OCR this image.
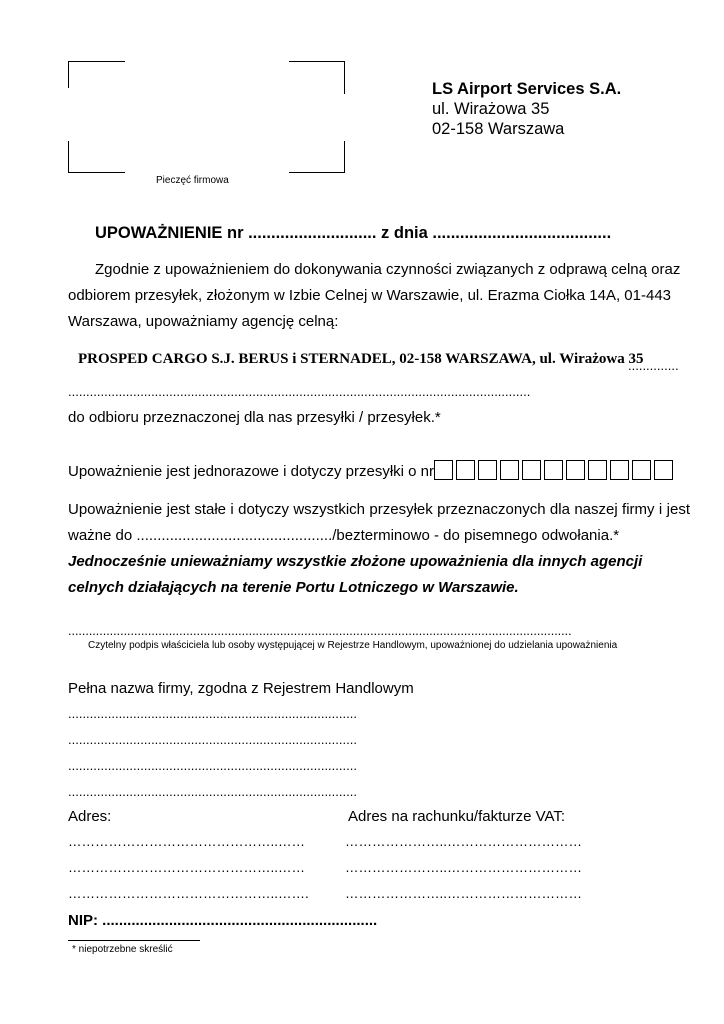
Pieczęć firmowa
LS Airport Services S.A.
ul. Wirażowa 35
02-158 Warszawa
UPOWAŻNIENIE nr ............................ z dnia .......................................
Zgodnie z upoważnieniem do dokonywania czynności związanych z odprawą celną oraz
odbiorem przesyłek, złożonym w Izbie Celnej w Warszawie, ul. Erazma Ciołka 14A, 01-443
Warszawa, upoważniamy agencję celną:
PROSPED CARGO S.J. BERUS i STERNADEL, 02-158 WARSZAWA, ul. Wirażowa 35
..............
................................................................................................................................
do odbioru przeznaczonej dla nas przesyłki / przesyłek.*
Upoważnienie jest jednorazowe i dotyczy przesyłki o nr
Upoważnienie jest stałe i dotyczy wszystkich przesyłek przeznaczonych dla naszej firmy i jest
ważne do .............................................../bezterminowo - do pisemnego odwołania.*
Jednocześnie unieważniamy wszystkie złożone upoważnienia dla innych agencji
celnych działających na terenie Portu Lotniczego w Warszawie.
.................................................................................................................................................
Czytelny podpis właściciela lub osoby występującej w Rejestrze Handlowym, upoważnionej do udzielania upoważnienia
Pełna nazwa firmy, zgodna z Rejestrem Handlowym
................................................................................
................................................................................
................................................................................
................................................................................
Adres:
………………………………………..……
………………………………………..……
………………………………………..…….
Adres na rachunku/fakturze VAT:
…………………..…………………………
…………………..…………………………
…………………..…………………………
NIP: ..................................................................
* niepotrzebne skreślić
